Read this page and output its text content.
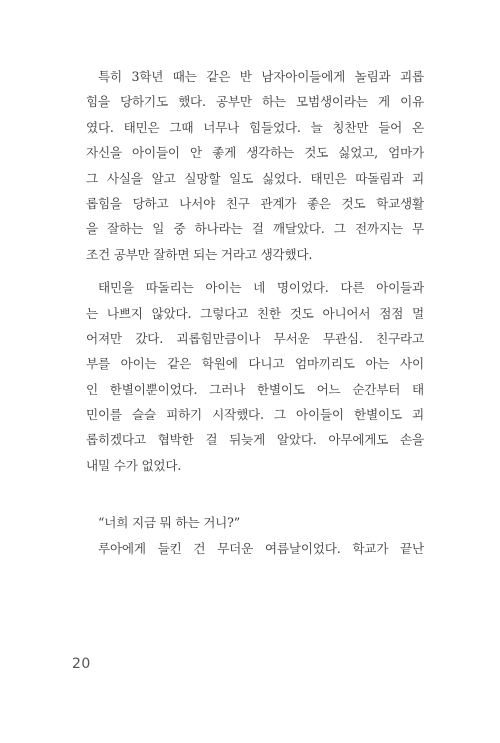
특히 3학년 때는 같은 반 남자아이들에게 놀림과 괴롭
힘을 당하기도 했다. 공부만 하는 모범생이라는 게 이유
였다. 태민은 그때 너무나 힘들었다. 늘 칭찬만 들어 온
자신을 아이들이 안 좋게 생각하는 것도 싫었고, 엄마가
그 사실을 알고 실망할 일도 싫었다. 태민은 따돌림과 괴
롭힘을 당하고 나서야 친구 관계가 좋은 것도 학교생활
을 잘하는 일 중 하나라는 걸 깨달았다. 그 전까지는 무
조건 공부만 잘하면 되는 거라고 생각했다.
태민을 따돌리는 아이는 네 명이었다. 다른 아이들과
는 나쁘지 않았다. 그렇다고 친한 것도 아니어서 점점 멀
어져만 갔다. 괴롭힘만큼이나 무서운 무관심. 친구라고
부를 아이는 같은 학원에 다니고 엄마끼리도 아는 사이
인 한별이뿐이었다. 그러나 한별이도 어느 순간부터 태
민이를 슬슬 피하기 시작했다. 그 아이들이 한별이도 괴
롭히겠다고 협박한 걸 뒤늦게 알았다. 아무에게도 손을
내밀 수가 없었다.
“너희 지금 뭐 하는 거니?”
루아에게 들킨 건 무더운 여름날이었다. 학교가 끝난
20
